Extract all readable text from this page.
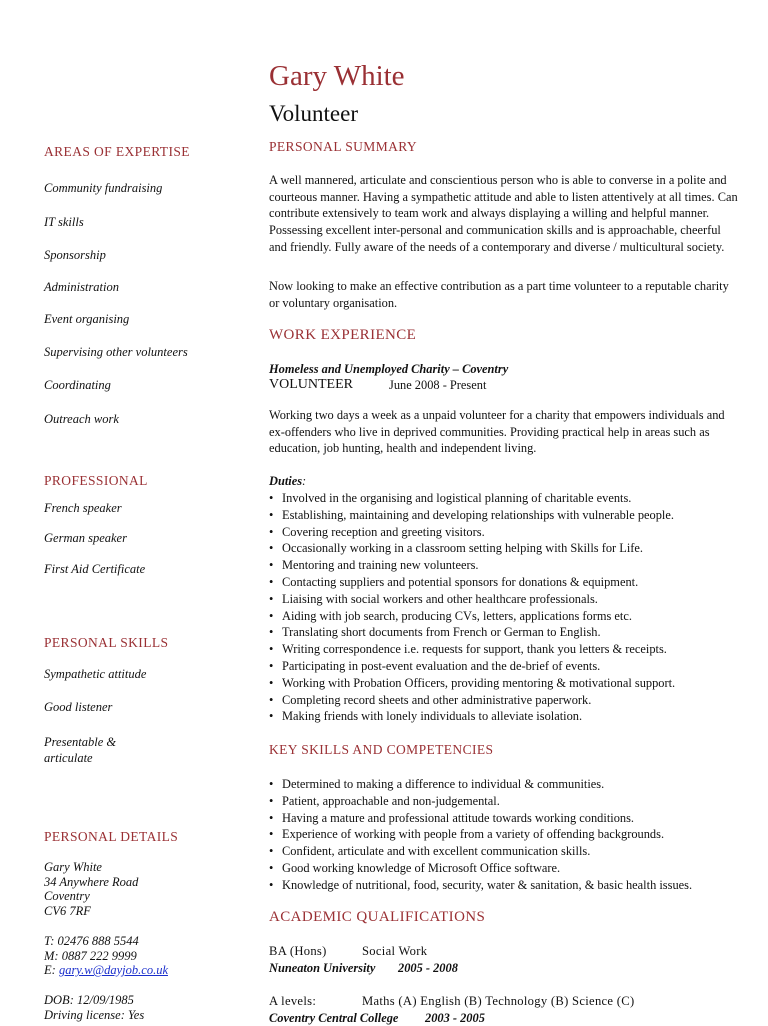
Gary White
Volunteer
AREAS OF EXPERTISE
Community fundraising
IT skills
Sponsorship
Administration
Event organising
Supervising other volunteers
Coordinating
Outreach work
PROFESSIONAL
French speaker
German speaker
First Aid Certificate
PERSONAL SKILLS
Sympathetic attitude
Good listener
Presentable &
articulate
PERSONAL DETAILS
Gary White
34 Anywhere Road
Coventry
CV6 7RF
T: 02476 888 5544
M: 0887 222 9999
E: gary.w@dayjob.co.uk
DOB: 12/09/1985
Driving license: Yes
PERSONAL SUMMARY
A well mannered, articulate and conscientious person who is able to converse in a polite and courteous manner. Having a sympathetic attitude and able to listen attentively at all times. Can contribute extensively to team work and always displaying a willing and helpful manner. Possessing excellent inter-personal and communication skills and is approachable, cheerful and friendly. Fully aware of the needs of a contemporary and diverse / multicultural society.
Now looking to make an effective contribution as a part time volunteer to a reputable charity or voluntary organisation.
WORK EXPERIENCE
Homeless and Unemployed Charity – Coventry
VOLUNTEER	June 2008 - Present
Working two days a week as a unpaid volunteer for a charity that empowers individuals and ex-offenders who live in deprived communities. Providing practical help in areas such as education, job hunting, health and independent living.
Duties:
• Involved in the organising and logistical planning of charitable events.
• Establishing, maintaining and developing relationships with vulnerable people.
• Covering reception and greeting visitors.
• Occasionally working in a classroom setting helping with Skills for Life.
• Mentoring and training new volunteers.
• Contacting suppliers and potential sponsors for donations & equipment.
• Liaising with social workers and other healthcare professionals.
• Aiding with job search, producing CVs, letters, applications forms etc.
• Translating short documents from French or German to English.
• Writing correspondence i.e. requests for support, thank you letters & receipts.
• Participating in post-event evaluation and the de-brief of events.
• Working with Probation Officers, providing mentoring & motivational support.
• Completing record sheets and other administrative paperwork.
• Making friends with lonely individuals to alleviate isolation.
KEY SKILLS AND COMPETENCIES
• Determined to making a difference to individual & communities.
• Patient, approachable and non-judgemental.
• Having a mature and professional attitude towards working conditions.
• Experience of working with people from a variety of offending backgrounds.
• Confident, articulate and with excellent communication skills.
• Good working knowledge of Microsoft Office software.
• Knowledge of nutritional, food, security, water & sanitation, & basic health issues.
ACADEMIC QUALIFICATIONS
BA (Hons)	Social Work
Nuneaton University 2005 - 2008
A levels:	Maths (A) English (B) Technology (B) Science (C)
Coventry Central College 2003 - 2005
